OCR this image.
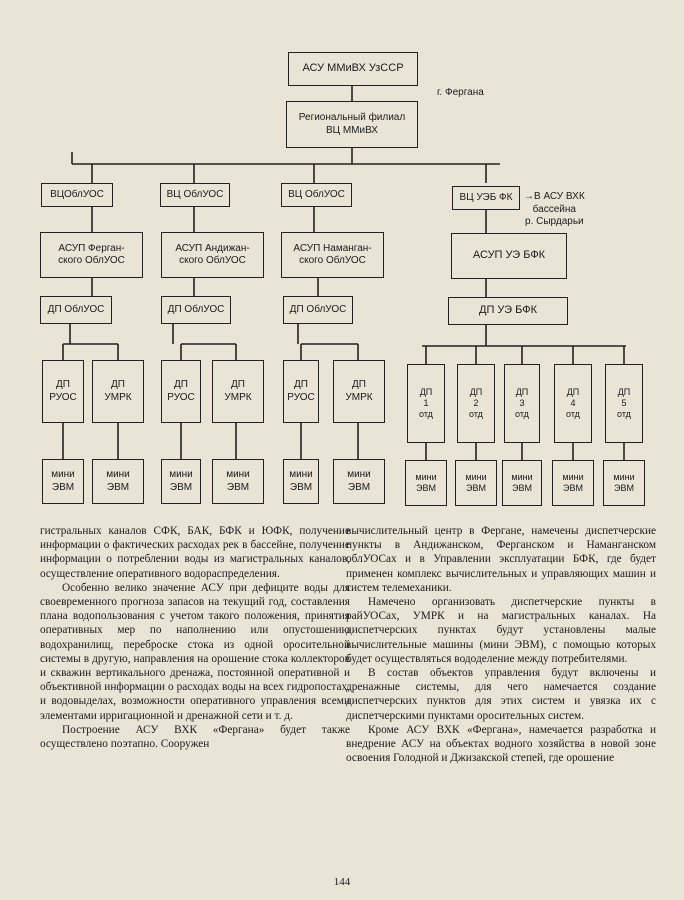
АСУ ММиВХ УзССР
г. Фергана
Региональный филиал
ВЦ ММиВХ
ВЦОблУОС	ВЦ ОблУОС	ВЦ ОблУОС	ВЦ УЭБ ФК	→В АСУ ВХК
бассейна
р. Сырдарьи
АСУП Ферган-
ского ОблУОС
АСУП Андижан-
ского ОблУОС
АСУП Наманган-
ского ОблУОС	АСУП УЭ БФК
ДП ОблУОС	ДП ОблУОС	ДП ОблУОС	ДП УЭ БФК
ДП
РУОС
ДП
УМРК
ДП
РУОС
ДП
УМРК
ДП
РУОС
ДП
УМРК	ДП
1
отд
ДП
2
отд
ДП
3
отд
ДП
4
отд
ДП
5
отд
мини
ЭВМ
мини
ЭВМ
мини
ЭВМ
мини
ЭВМ
мини
ЭВМ
мини
ЭВМ
мини
ЭВМ
мини
ЭВМ
мини
ЭВМ
мини
ЭВМ
мини
ЭВМ

гистральных каналов СФК, БАК, БФК и ЮФК, получение информации о фактических расходах рек в бассейне, получение информации о потреблении воды из магистральных каналов, осуществление оперативного водораспределения.

Особенно велико значение АСУ при дефиците воды для своевременного прогноза запасов на текущий год, составления плана водопользования с учетом такого положения, принятия оперативных мер по наполнению или опустошению водохранилищ, переброске стока из одной оросительной системы в другую, направления на орошение стока коллекторов и скважин вертикального дренажа, постоянной оперативной и объективной информации о расходах воды на всех гидропостах, и водовыделах, возможности оперативного управления всеми элементами ирригационной и дренажной сети и т. д.

Построение АСУ ВХК «Фергана» будет также осуществлено поэтапно. Сооружен

вычислительный центр в Фергане, намечены диспетчерские пункты в Андижанском, Ферганском и Наманганском облУОСах и в Управлении эксплуатации БФК, где будет применен комплекс вычислительных и управляющих машин и систем телемеханики.

Намечено организовать диспетчерские пункты в райУОСах, УМРК и на магистральных каналах. На диспетчерских пунктах будут установлены малые вычислительные машины (мини ЭВМ), с помощью которых будет осуществляться вододеление между потребителями.

В состав объектов управления будут включены и дренажные системы, для чего намечается создание диспетчерских пунктов для этих систем и увязка их с диспетчерскими пунктами оросительных систем.

Кроме АСУ ВХК «Фергана», намечается разработка и внедрение АСУ на объектах водного хозяйства в новой зоне освоения Голодной и Джизакской степей, где орошение

144
